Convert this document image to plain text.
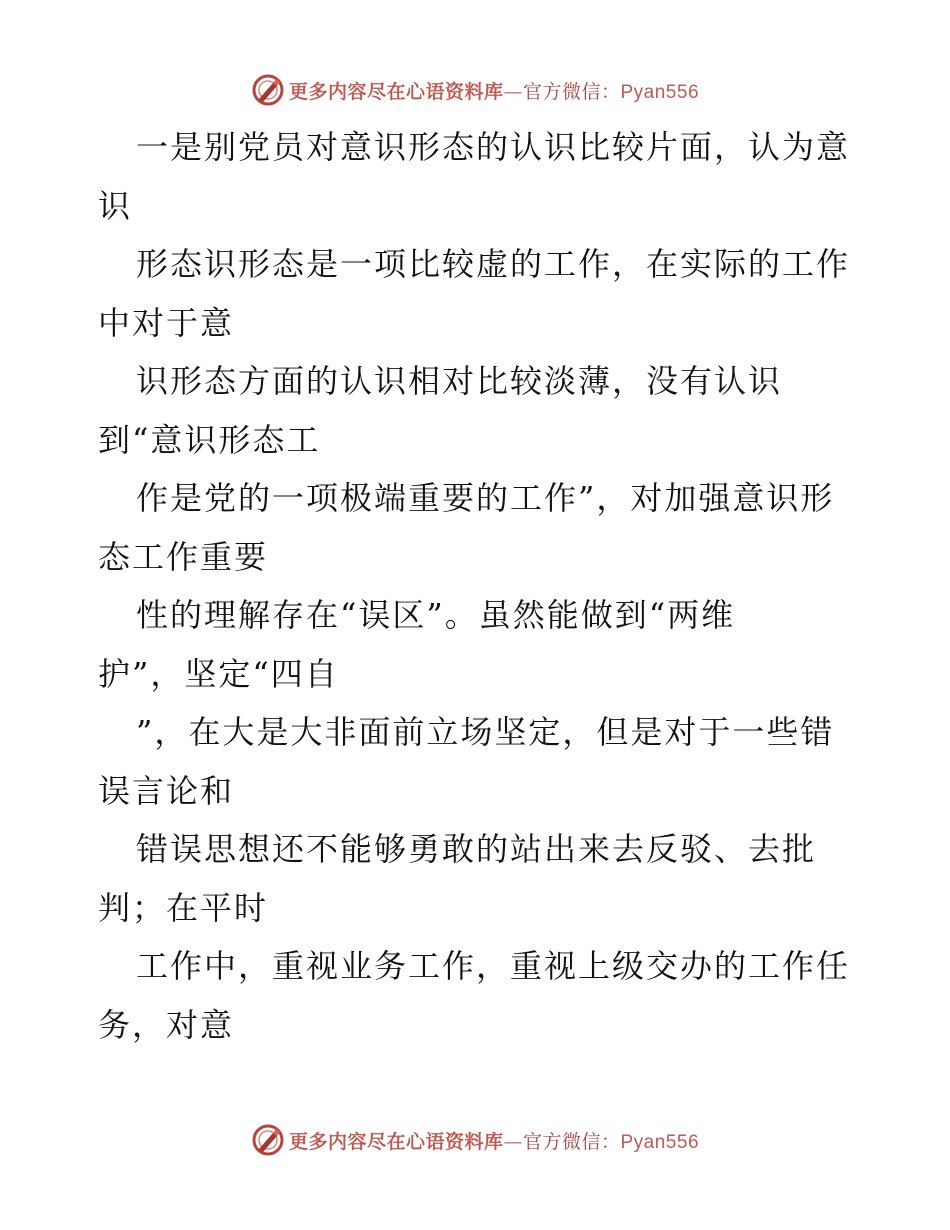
更多内容尽在心语资料库—官方微信：Pyan556
一是别党员对意识形态的认识比较片面，认为意
识
形态识形态是一项比较虚的工作，在实际的工作
中对于意
识形态方面的认识相对比较淡薄，没有认识
到“意识形态工
作是党的一项极端重要的工作”，对加强意识形
态工作重要
性的理解存在“误区”。虽然能做到“两维
护”，坚定“四自
”，在大是大非面前立场坚定，但是对于一些错
误言论和
错误思想还不能够勇敢的站出来去反驳、去批
判；在平时
工作中，重视业务工作，重视上级交办的工作任
务，对意
更多内容尽在心语资料库—官方微信：Pyan556
